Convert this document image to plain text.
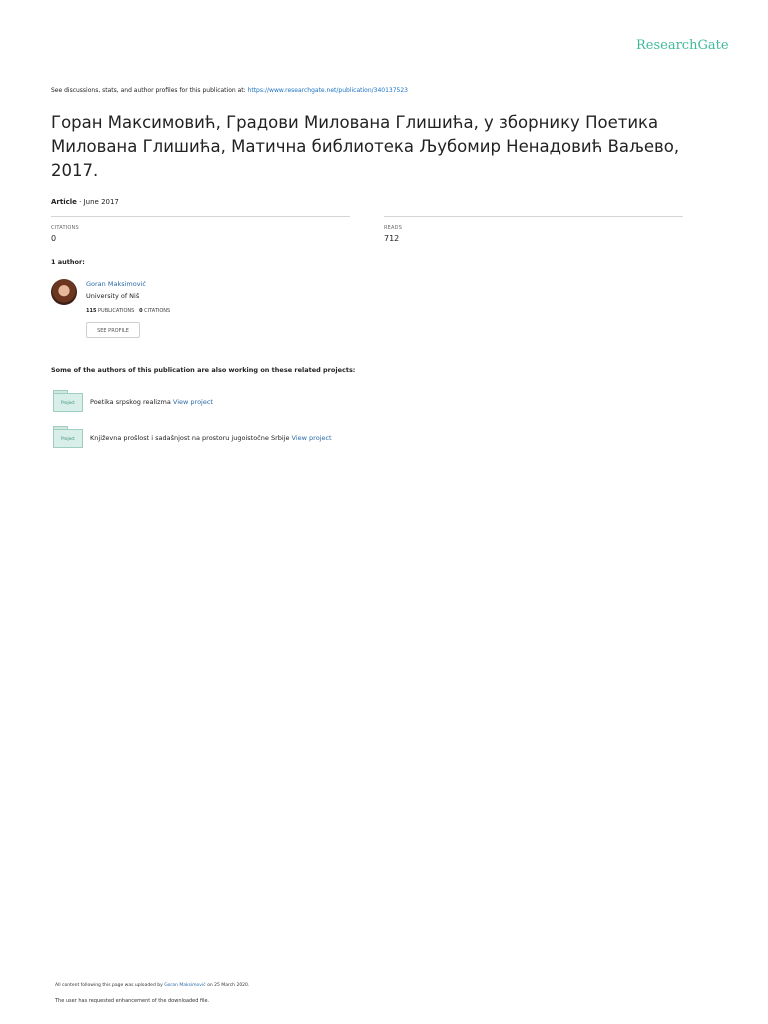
ResearchGate
See discussions, stats, and author profiles for this publication at: https://www.researchgate.net/publication/340137523
Горан Максимовић, Градови Милована Глишића, у зборнику Поетика Милована Глишића, Матична библиотека Љубомир Ненадовић Ваљево, 2017.
Article · June 2017
CITATIONS
0
READS
712
1 author:
Goran Maksimović
University of Niš
115 PUBLICATIONS 0 CITATIONS
SEE PROFILE
Some of the authors of this publication are also working on these related projects:
Project	Poetika srpskog realizma View project
Project	Književna prošlost i sadašnjost na prostoru jugoistočne Srbije View project
All content following this page was uploaded by Goran Maksimović on 25 March 2020.
The user has requested enhancement of the downloaded file.
